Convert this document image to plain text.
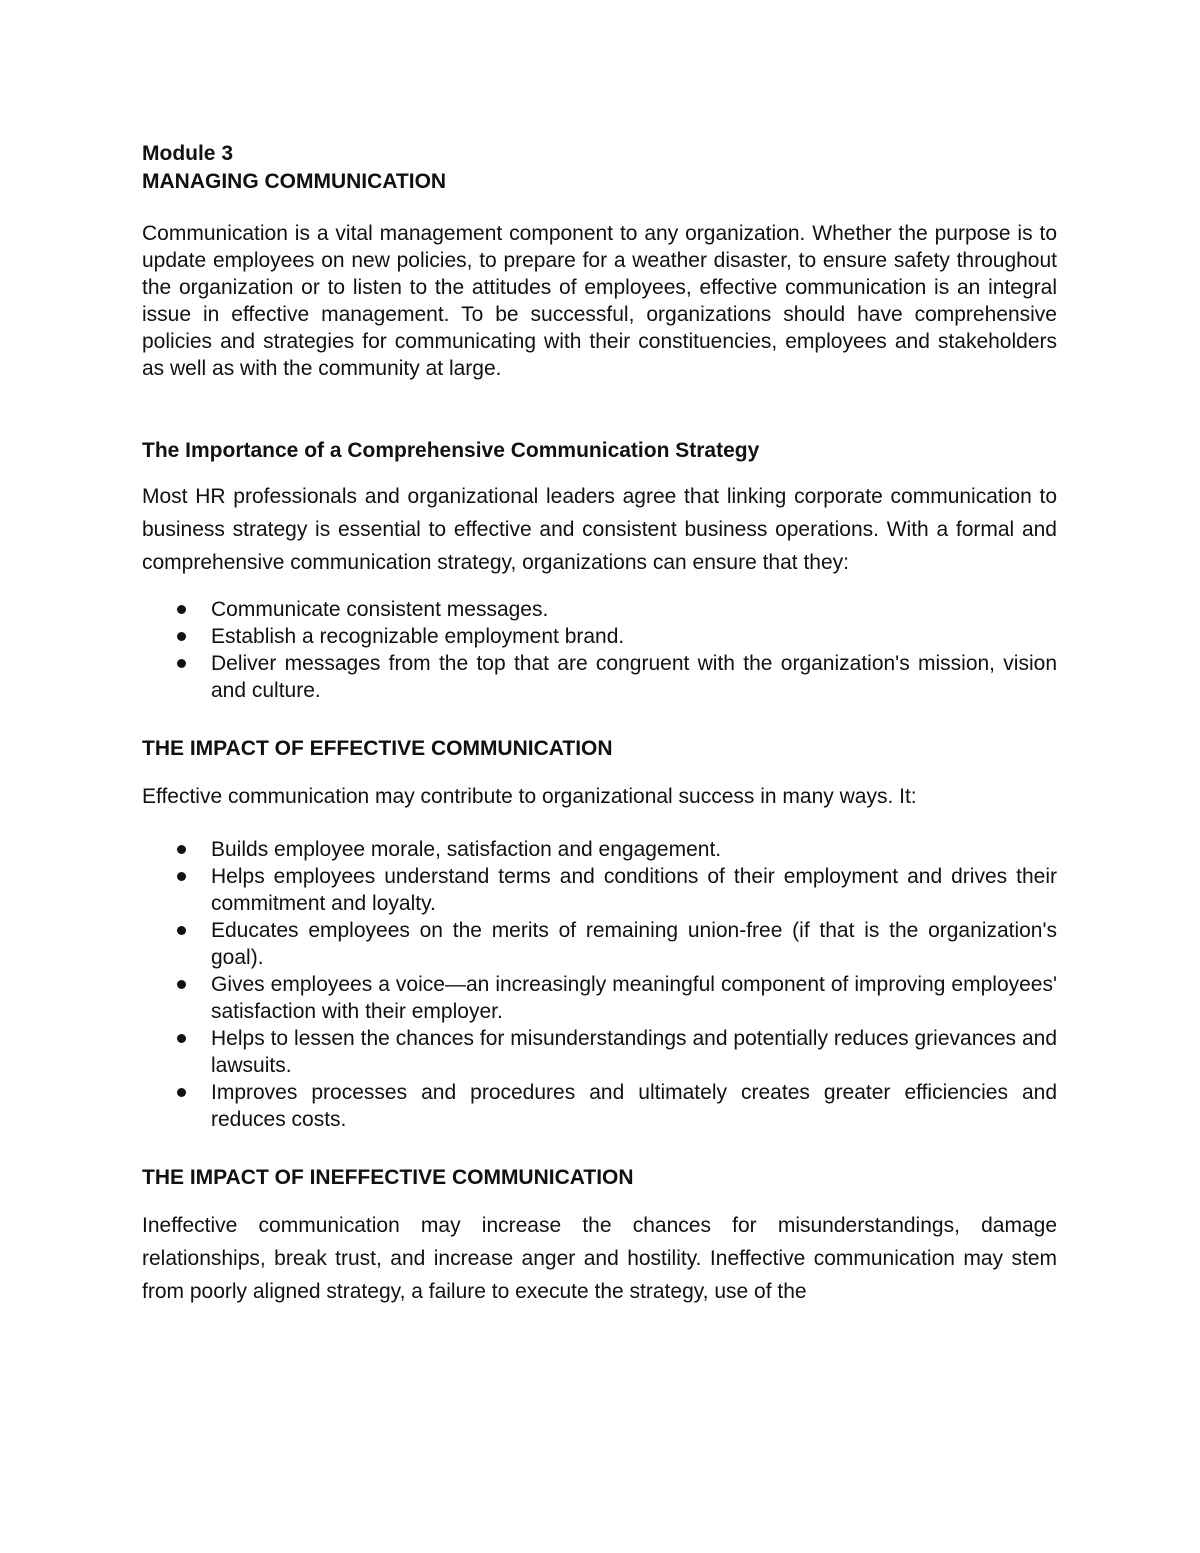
Module 3

MANAGING COMMUNICATION

Communication is a vital management component to any organization. Whether the purpose is to update employees on new policies, to prepare for a weather disaster, to ensure safety throughout the organization or to listen to the attitudes of employees, effective communication is an integral issue in effective management. To be successful, organizations should have comprehensive policies and strategies for communicating with their constituencies, employees and stakeholders as well as with the community at large.

The Importance of a Comprehensive Communication Strategy

Most HR professionals and organizational leaders agree that linking corporate communication to business strategy is essential to effective and consistent business operations. With a formal and comprehensive communication strategy, organizations can ensure that they:

Communicate consistent messages.
Establish a recognizable employment brand.
Deliver messages from the top that are congruent with the organization's mission, vision and culture.

THE IMPACT OF EFFECTIVE COMMUNICATION

Effective communication may contribute to organizational success in many ways. It:

Builds employee morale, satisfaction and engagement.
Helps employees understand terms and conditions of their employment and drives their commitment and loyalty.
Educates employees on the merits of remaining union-free (if that is the organization's goal).
Gives employees a voice—an increasingly meaningful component of improving employees' satisfaction with their employer.
Helps to lessen the chances for misunderstandings and potentially reduces grievances and lawsuits.
Improves processes and procedures and ultimately creates greater efficiencies and reduces costs.

THE IMPACT OF INEFFECTIVE COMMUNICATION

Ineffective communication may increase the chances for misunderstandings, damage relationships, break trust, and increase anger and hostility. Ineffective communication may stem from poorly aligned strategy, a failure to execute the strategy, use of the
